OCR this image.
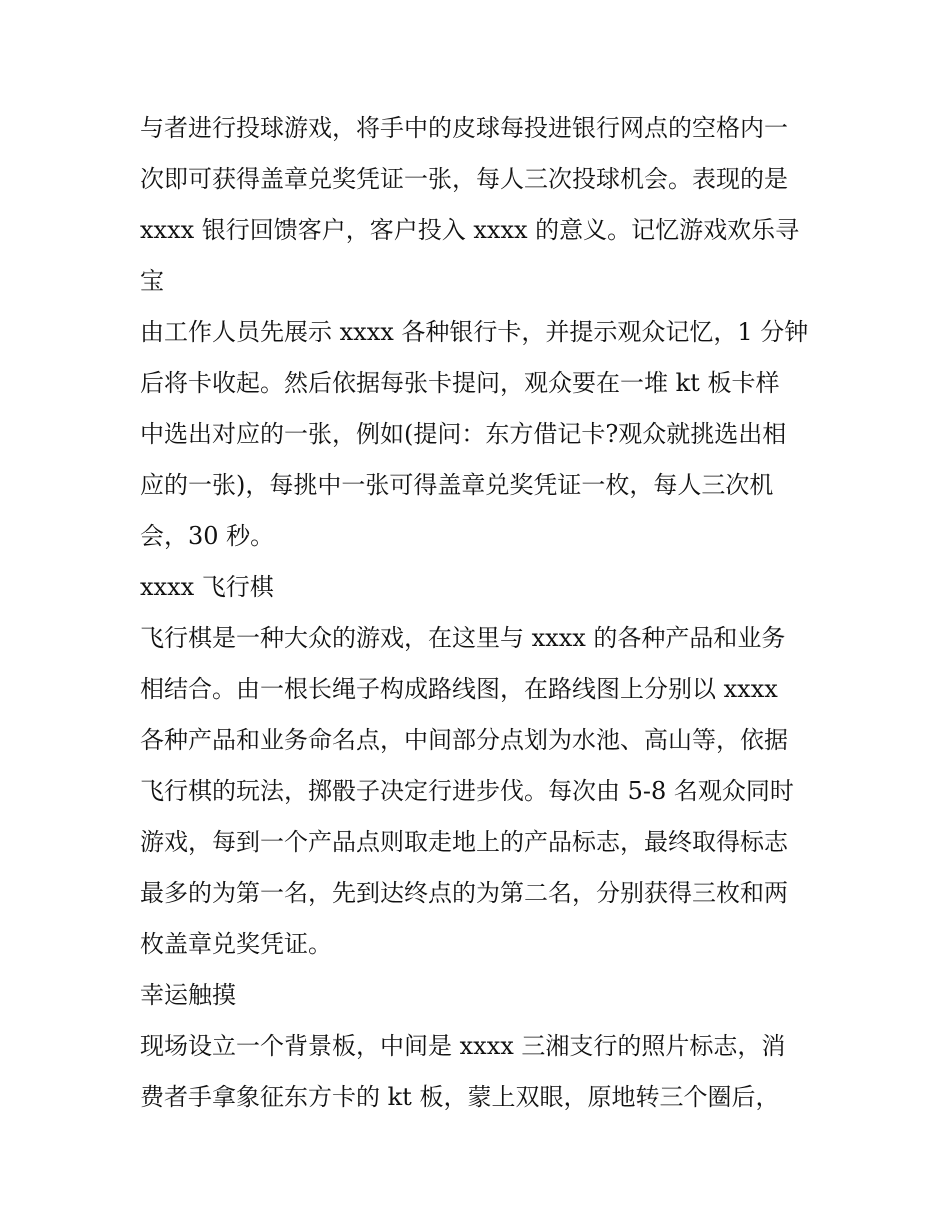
与者进行投球游戏，将手中的皮球每投进银行网点的空格内一
次即可获得盖章兑奖凭证一张，每人三次投球机会。表现的是
xxxx 银行回馈客户，客户投入 xxxx 的意义。记忆游戏欢乐寻
宝
由工作人员先展示 xxxx 各种银行卡，并提示观众记忆，1 分钟
后将卡收起。然后依据每张卡提问，观众要在一堆 kt 板卡样
中选出对应的一张，例如(提问：东方借记卡?观众就挑选出相
应的一张)，每挑中一张可得盖章兑奖凭证一枚，每人三次机
会，30 秒。
xxxx 飞行棋
飞行棋是一种大众的游戏，在这里与 xxxx 的各种产品和业务
相结合。由一根长绳子构成路线图，在路线图上分别以 xxxx
各种产品和业务命名点，中间部分点划为水池、高山等，依据
飞行棋的玩法，掷骰子决定行进步伐。每次由 5-8 名观众同时
游戏，每到一个产品点则取走地上的产品标志，最终取得标志
最多的为第一名，先到达终点的为第二名，分别获得三枚和两
枚盖章兑奖凭证。
幸运触摸
现场设立一个背景板，中间是 xxxx 三湘支行的照片标志，消
费者手拿象征东方卡的 kt 板，蒙上双眼，原地转三个圈后，
